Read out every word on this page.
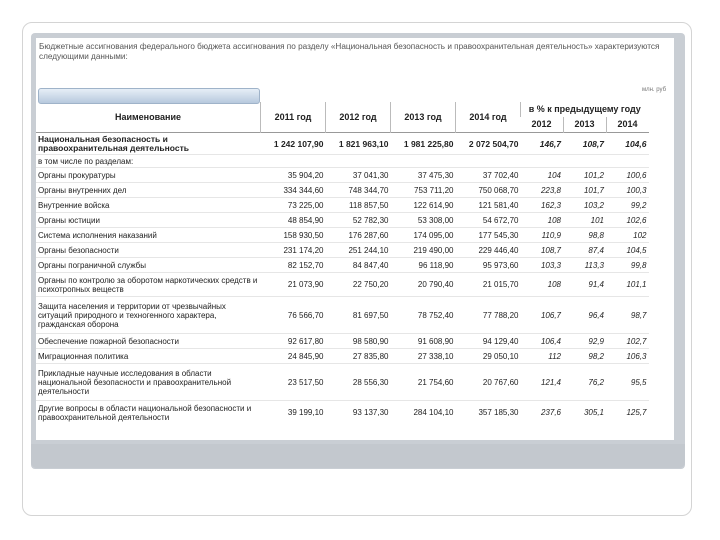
Бюджетные ассигнования федерального бюджета ассигнования по разделу «Национальная безопасность и правоохранительная деятельность» характеризуются следующими данными:
млн. руб
Наименование	2011 год	2012 год	2013 год	2014 год	в % к предыдущему году		
					2012	2013	2014
Национальная безопасность и правоохранительная деятельность	1 242 107,90	1 821 963,10	1 981 225,80	2 072 504,70	146,7	108,7	104,6
в том числе по разделам:							
Органы прокуратуры	35 904,20	37 041,30	37 475,30	37 702,40	104	101,2	100,6
Органы внутренних дел	334 344,60	748 344,70	753 711,20	750 068,70	223,8	101,7	100,3
Внутренние войска	73 225,00	118 857,50	122 614,90	121 581,40	162,3	103,2	99,2
Органы юстиции	48 854,90	52 782,30	53 308,00	54 672,70	108	101	102,6
Система исполнения наказаний	158 930,50	176 287,60	174 095,00	177 545,30	110,9	98,8	102
Органы безопасности	231 174,20	251 244,10	219 490,00	229 446,40	108,7	87,4	104,5
Органы пограничной службы	82 152,70	84 847,40	96 118,90	95 973,60	103,3	113,3	99,8
Органы по контролю за оборотом наркотических средств и психотропных веществ	21 073,90	22 750,20	20 790,40	21 015,70	108	91,4	101,1
Защита населения и территории от чрезвычайных ситуаций природного и техногенного характера, гражданская оборона	76 566,70	81 697,50	78 752,40	77 788,20	106,7	96,4	98,7
Обеспечение пожарной безопасности	92 617,80	98 580,90	91 608,90	94 129,40	106,4	92,9	102,7
Миграционная политика	24 845,90	27 835,80	27 338,10	29 050,10	112	98,2	106,3
Прикладные научные исследования в области национальной безопасности и правоохранительной деятельности	23 517,50	28 556,30	21 754,60	20 767,60	121,4	76,2	95,5
Другие вопросы в области национальной безопасности и правоохранительной деятельности	39 199,10	93 137,30	284 104,10	357 185,30	237,6	305,1	125,7
